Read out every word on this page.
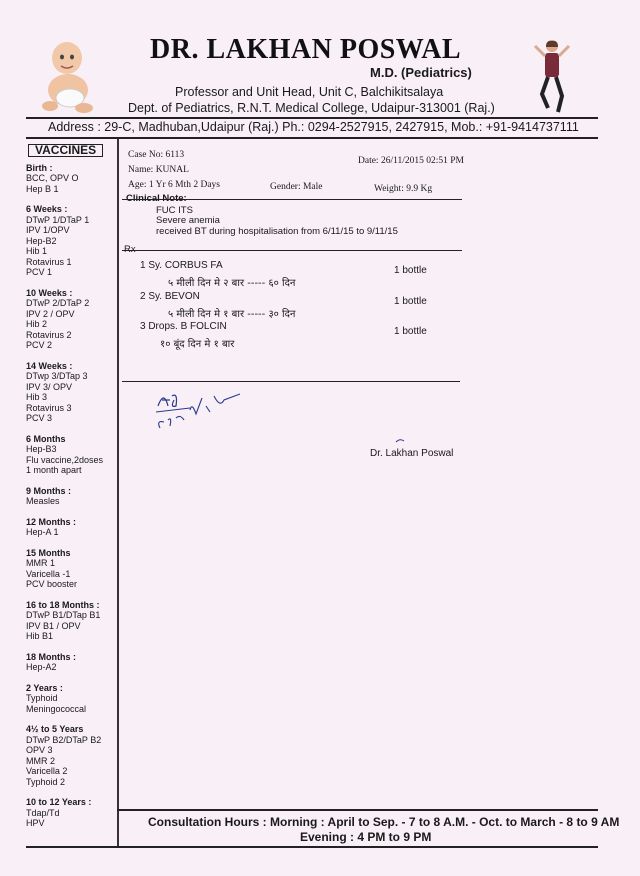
DR. LAKHAN POSWAL
M.D. (Pediatrics)
Professor and Unit Head, Unit C, Balchikitsalaya
Dept. of Pediatrics, R.N.T. Medical College, Udaipur-313001 (Raj.)
Address : 29-C, Madhuban,Udaipur (Raj.) Ph.: 0294-2527915, 2427915, Mob.: +91-9414737111
VACCINES
Birth :
BCC, OPV O
Hep B 1
6 Weeks :
DTwP 1/DTaP 1
IPV 1/OPV
Hep-B2
Hib 1
Rotavirus 1
PCV 1
10 Weeks :
DTwP 2/DTaP 2
IPV 2 / OPV
Hib 2
Rotavirus 2
PCV 2
14 Weeks :
DTwp 3/DTap 3
IPV 3/ OPV
Hib 3
Rotavirus 3
PCV 3
6 Months
Hep-B3
Flu vaccine,2doses
1 month apart
9 Months :
Measles
12 Months :
Hep-A 1
15 Months
MMR 1
Varicella -1
PCV booster
16 to 18 Months :
DTwP B1/DTap B1
IPV B1 / OPV
Hib B1
18 Months :
Hep-A2
2 Years :
Typhoid
Meningococcal
4½ to 5 Years
DTwP B2/DTaP B2
OPV 3
MMR 2
Varicella 2
Typhoid 2
10 to 12 Years :
Tdap/Td
HPV
Case No: 6113
Date: 26/11/2015 02:51 PM
Name: KUNAL
Age: 1 Yr 6 Mth 2 Days	Gender: Male	Weight: 9.9 Kg
FUC ITS
Severe anemia
received BT during hospitalisation from 6/11/15 to 9/11/15
1 Sy. CORBUS FA
५ मीली दिन मे २ बार ----- ६० दिन
1 bottle
2 Sy. BEVON
५ मीली दिन मे १ बार ----- ३० दिन
1 bottle
3 Drops. B FOLCIN
१० बूंद दिन मे १ बार
1 bottle
Dr. Lakhan Poswal
Consultation Hours : Morning : April to Sep. - 7 to 8 A.M. - Oct. to March - 8 to 9 AM
Evening : 4 PM to 9 PM
